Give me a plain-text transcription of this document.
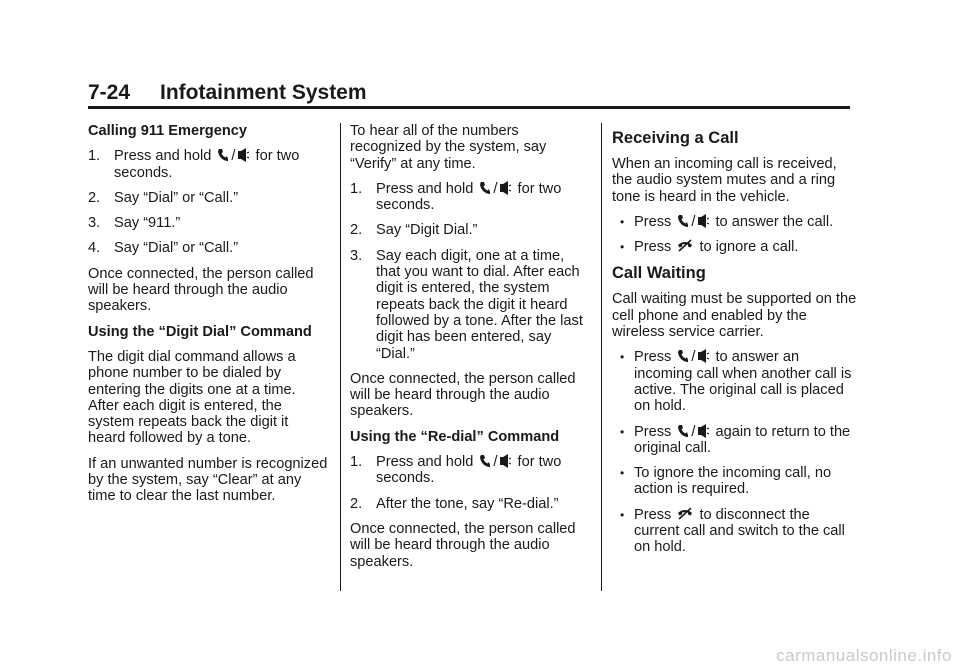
7-24 Infotainment System
Calling 911 Emergency
1. Press and hold / for two seconds.
2. Say “Dial” or “Call.”
3. Say “911.”
4. Say “Dial” or “Call.”
Once connected, the person called will be heard through the audio speakers.
Using the “Digit Dial” Command
The digit dial command allows a phone number to be dialed by entering the digits one at a time. After each digit is entered, the system repeats back the digit it heard followed by a tone.
If an unwanted number is recognized by the system, say “Clear” at any time to clear the last number.
To hear all of the numbers recognized by the system, say “Verify” at any time.
1. Press and hold / for two seconds.
2. Say “Digit Dial.”
3. Say each digit, one at a time, that you want to dial. After each digit is entered, the system repeats back the digit it heard followed by a tone. After the last digit has been entered, say “Dial.”
Once connected, the person called will be heard through the audio speakers.
Using the “Re-dial” Command
1. Press and hold / for two seconds.
2. After the tone, say “Re-dial.”
Once connected, the person called will be heard through the audio speakers.
Receiving a Call
When an incoming call is received, the audio system mutes and a ring tone is heard in the vehicle.
• Press / to answer the call.
• Press to ignore a call.
Call Waiting
Call waiting must be supported on the cell phone and enabled by the wireless service carrier.
• Press / to answer an incoming call when another call is active. The original call is placed on hold.
• Press / again to return to the original call.
• To ignore the incoming call, no action is required.
• Press to disconnect the current call and switch to the call on hold.
carmanualsonline.info
